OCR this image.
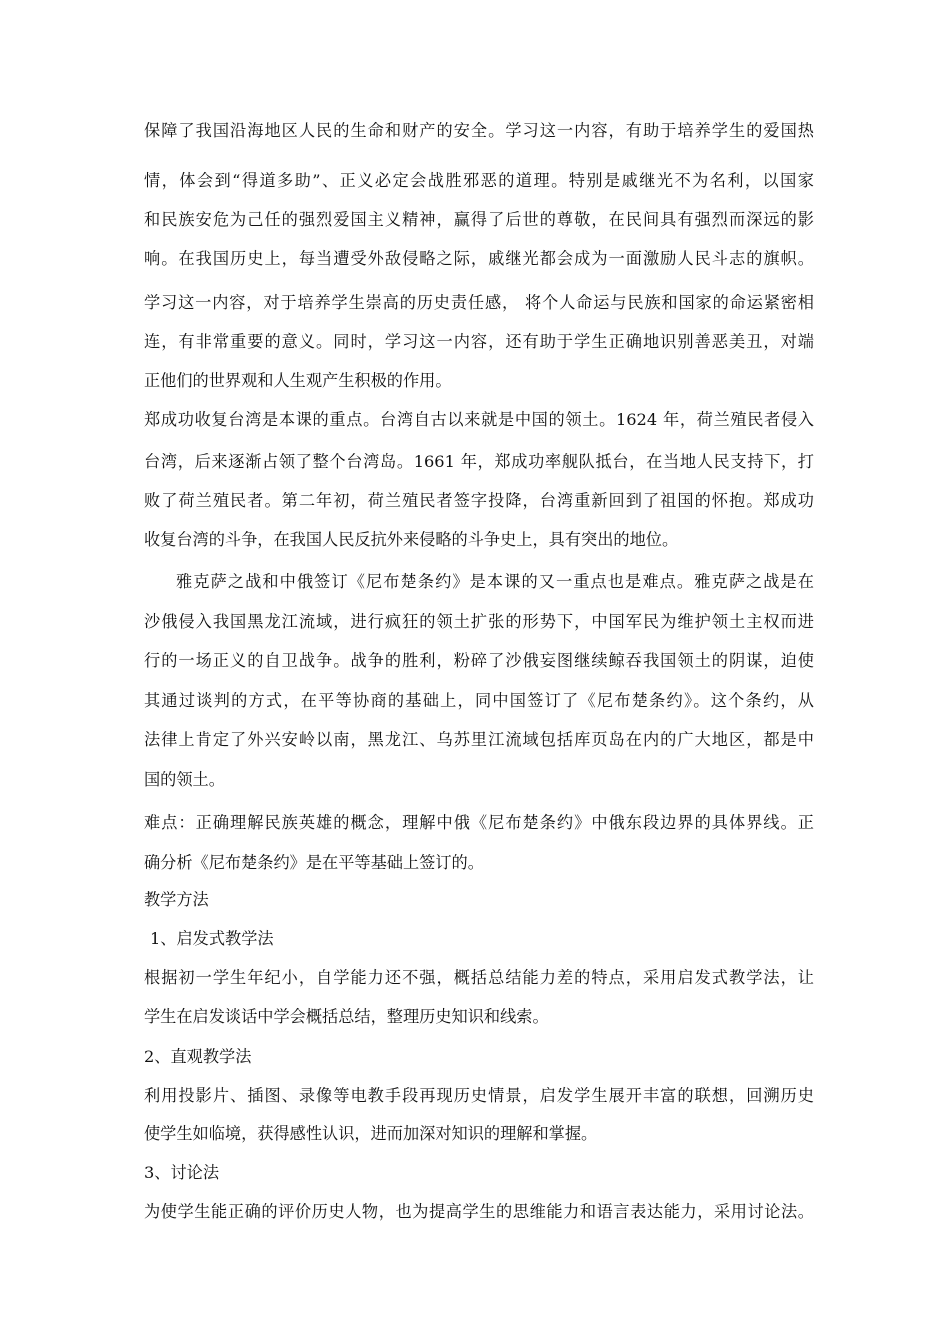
保障了我国沿海地区人民的生命和财产的安全。学习这一内容，有助于培养学生的爱国热
情，体会到“得道多助”、正义必定会战胜邪恶的道理。特别是戚继光不为名利，以国家
和民族安危为己任的强烈爱国主义精神，赢得了后世的尊敬，在民间具有强烈而深远的影
响。在我国历史上，每当遭受外敌侵略之际，戚继光都会成为一面激励人民斗志的旗帜。
学习这一内容，对于培养学生崇高的历史责任感， 将个人命运与民族和国家的命运紧密相
连，有非常重要的意义。同时，学习这一内容，还有助于学生正确地识别善恶美丑，对端
正他们的世界观和人生观产生积极的作用。
郑成功收复台湾是本课的重点。台湾自古以来就是中国的领土。1624 年，荷兰殖民者侵入
台湾，后来逐渐占领了整个台湾岛。1661 年，郑成功率舰队抵台，在当地人民支持下，打
败了荷兰殖民者。第二年初，荷兰殖民者签字投降，台湾重新回到了祖国的怀抱。郑成功
收复台湾的斗争，在我国人民反抗外来侵略的斗争史上，具有突出的地位。
雅克萨之战和中俄签订《尼布楚条约》是本课的又一重点也是难点。雅克萨之战是在
沙俄侵入我国黑龙江流域，进行疯狂的领土扩张的形势下，中国军民为维护领土主权而进
行的一场正义的自卫战争。战争的胜利，粉碎了沙俄妄图继续鲸吞我国领土的阴谋，迫使
其通过谈判的方式，在平等协商的基础上，同中国签订了《尼布楚条约》。这个条约，从
法律上肯定了外兴安岭以南，黑龙江、乌苏里江流域包括库页岛在内的广大地区，都是中
国的领土。
难点：正确理解民族英雄的概念，理解中俄《尼布楚条约》中俄东段边界的具体界线。正
确分析《尼布楚条约》是在平等基础上签订的。
教学方法
1、启发式教学法
根据初一学生年纪小，自学能力还不强，概括总结能力差的特点，采用启发式教学法，让
学生在启发谈话中学会概括总结，整理历史知识和线索。
2、直观教学法
利用投影片、插图、录像等电教手段再现历史情景，启发学生展开丰富的联想，回溯历史
使学生如临境，获得感性认识，进而加深对知识的理解和掌握。
3、讨论法
为使学生能正确的评价历史人物，也为提高学生的思维能力和语言表达能力，采用讨论法。
